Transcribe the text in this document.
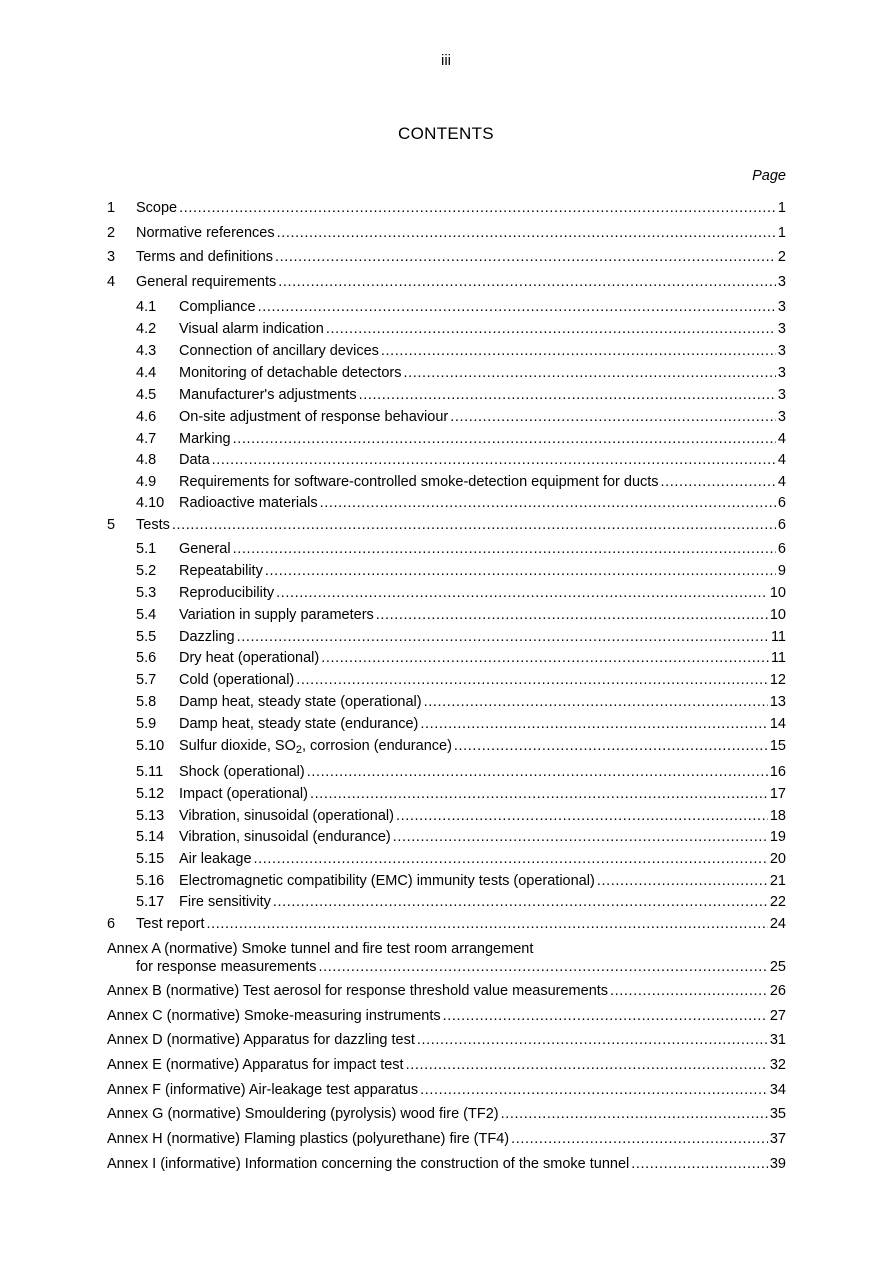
iii
CONTENTS
Page
1	Scope .....	1
2	Normative references .....	1
3	Terms and definitions .....	2
4	General requirements .....	3
4.1	Compliance .....	3
4.2	Visual alarm indication .....	3
4.3	Connection of ancillary devices .....	3
4.4	Monitoring of detachable detectors .....	3
4.5	Manufacturer's adjustments .....	3
4.6	On-site adjustment of response behaviour .....	3
4.7	Marking .....	4
4.8	Data .....	4
4.9	Requirements for software-controlled smoke-detection equipment for ducts .....	4
4.10	Radioactive materials .....	6
5	Tests .....	6
5.1	General .....	6
5.2	Repeatability .....	9
5.3	Reproducibility .....	10
5.4	Variation in supply parameters .....	10
5.5	Dazzling .....	11
5.6	Dry heat (operational) .....	11
5.7	Cold (operational) .....	12
5.8	Damp heat, steady state (operational) .....	13
5.9	Damp heat, steady state (endurance) .....	14
5.10	Sulfur dioxide, $SO_2$, corrosion (endurance) .....	15
5.11	Shock (operational) .....	16
5.12	Impact (operational) .....	17
5.13	Vibration, sinusoidal (operational) .....	18
5.14	Vibration, sinusoidal (endurance) .....	19
5.15	Air leakage .....	20
5.16	Electromagnetic compatibility (EMC) immunity tests (operational) .....	21
5.17	Fire sensitivity .....	22
6	Test report .....	24
Annex A (normative) Smoke tunnel and fire test room arrangement
for response measurements .....	25
Annex B (normative) Test aerosol for response threshold value measurements .....	26
Annex C (normative) Smoke-measuring instruments .....	27
Annex D (normative) Apparatus for dazzling test .....	31
Annex E (normative) Apparatus for impact test .....	32
Annex F (informative) Air-leakage test apparatus .....	34
Annex G (normative) Smouldering (pyrolysis) wood fire (TF2) .....	35
Annex H (normative) Flaming plastics (polyurethane) fire (TF4) .....	37
Annex I (informative) Information concerning the construction of the smoke tunnel .....	39
